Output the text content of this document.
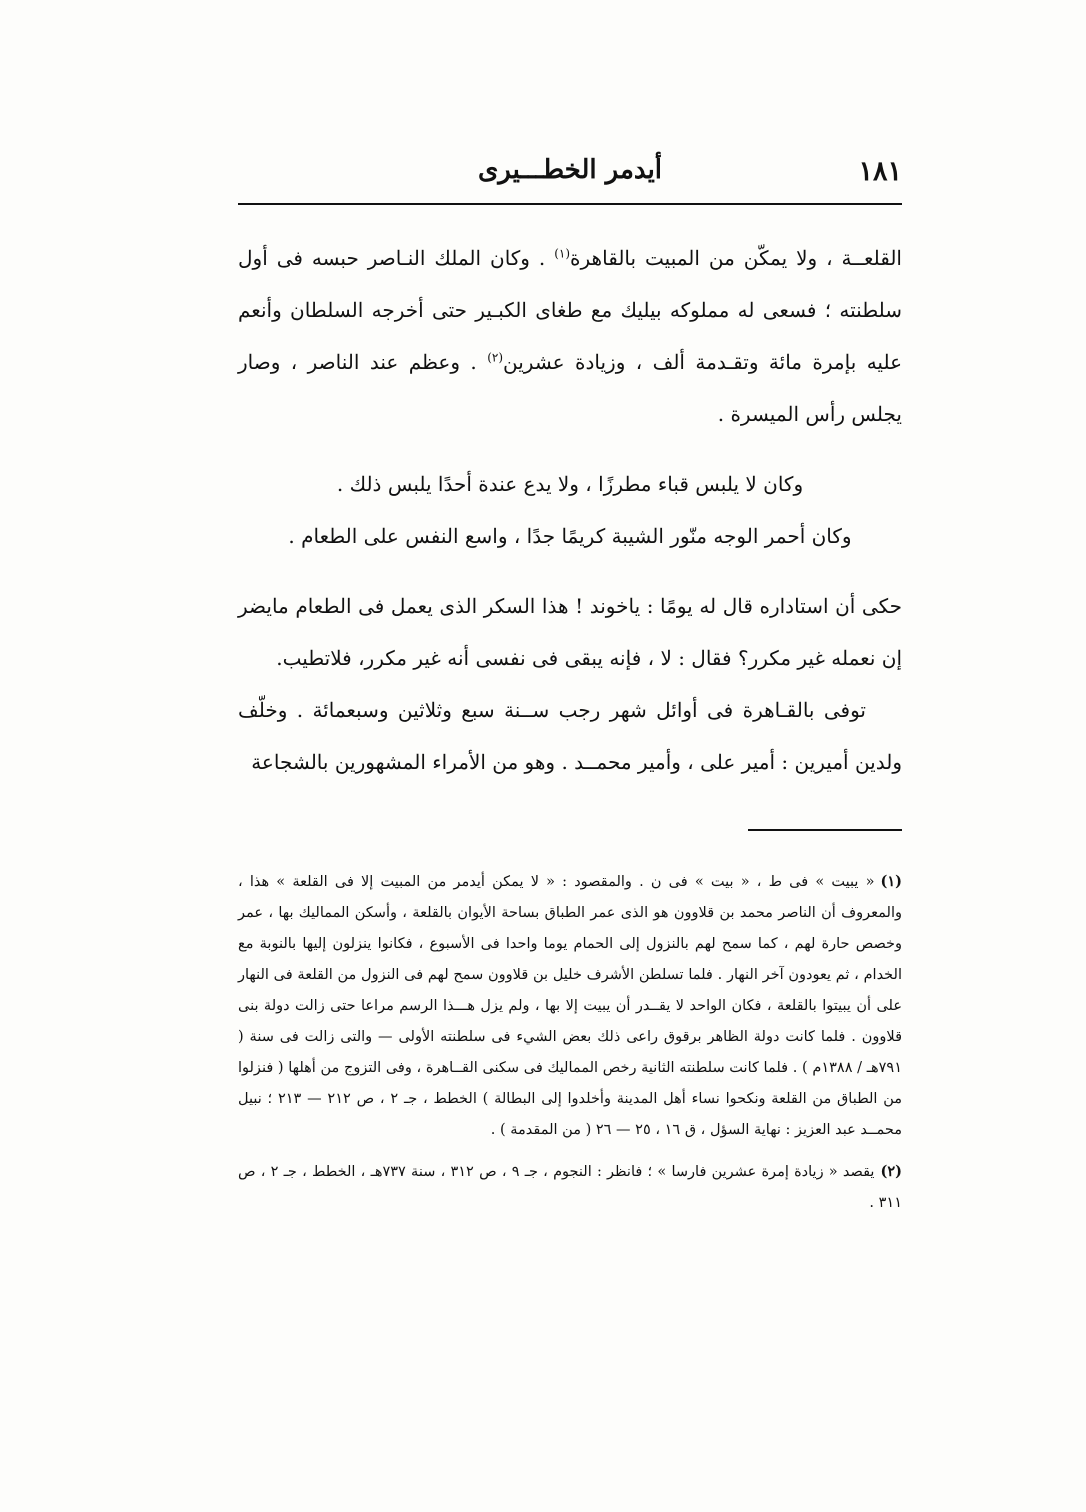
١٨١
أيدمر الخطـــيرى

القلعــة ، ولا يمكّن من المبيت بالقاهرة$^{(١)}$ . وكان الملك النـاصر حبسه فى أول سلطنته ؛ فسعى له مملوكه بيليك مع طغاى الكبـير حتى أخرجه السلطان وأنعم عليه بإمرة مائة وتقـدمة ألف ، وزيادة عشرين$^{(٢)}$ . وعظم عند الناصر ، وصار يجلس رأس الميسرة .

وكان لا يلبس قباء مطرزًا ، ولا يدع عندة أحدًا يلبس ذلك .

وكان أحمر الوجه منّور الشيبة كريمًا جدًا ، واسع النفس على الطعام .

حكى أن استاداره قال له يومًا : ياخوند ! هذا السكر الذى يعمل فى الطعام مايضر إن نعمله غير مكرر؟ فقال : لا ، فإنه يبقى فى نفسى أنه غير مكرر، فلاتطيب.

توفى بالقـاهرة فى أوائل شهر رجب ســنة سبع وثلاثين وسبعمائة . وخلّف ولدين أميرين : أمير على ، وأمير محمــد . وهو من الأمراء المشهورين بالشجاعة

(١)« يبيت » فى ط ، « بيت » فى ن . والمقصود : « لا يمكن أيدمر من المبيت إلا فى القلعة » هذا ، والمعروف أن الناصر محمد بن قلاوون هو الذى عمر الطباق بساحة الأيوان بالقلعة ، وأسكن المماليك بها ، عمر وخصص حارة لهم ، كما سمح لهم بالنزول إلى الحمام يوما واحدا فى الأسبوع ، فكانوا ينزلون إليها بالنوبة مع الخدام ، ثم يعودون آخر النهار . فلما تسلطن الأشرف خليل بن قلاوون سمح لهم فى النزول من القلعة فى النهار على أن يبيتوا بالقلعة ، فكان الواحد لا يقــدر أن يبيت إلا بها ، ولم يزل هـــذا الرسم مراعا حتى زالت دولة بنى قلاوون . فلما كانت دولة الظاهر برقوق راعى ذلك بعض الشيء فى سلطنته الأولى — والتى زالت فى سنة ( ٧٩١هـ / ١٣٨٨م ) . فلما كانت سلطنته الثانية رخص المماليك فى سكنى القــاهرة ، وفى التزوج من أهلها ( فنزلوا من الطباق من القلعة ونكحوا نساء أهل المدينة وأخلدوا إلى البطالة ) الخطط ، جـ ٢ ، ص ٢١٢ — ٢١٣ ؛ نبيل محمــد عبد العزيز : نهاية السؤل ، ق ١٦ ، ٢٥ — ٢٦ ( من المقدمة ) .

(٢)يقصد « زيادة إمرة عشرين فارسا » ؛ فانظر : النجوم ، جـ ٩ ، ص ٣١٢ ، سنة ٧٣٧هـ ، الخطط ، جـ ٢ ، ص ٣١١ .
